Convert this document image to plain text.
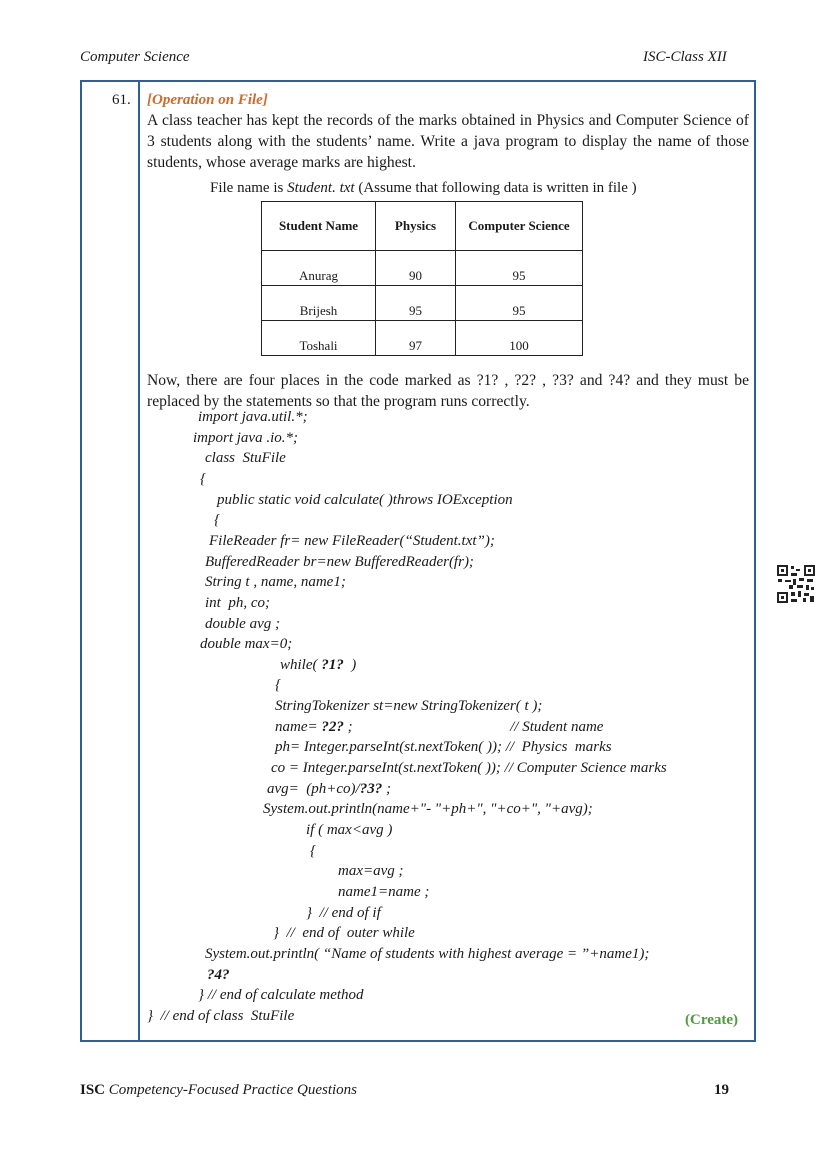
Computer Science	ISC-Class XII
61. [Operation on File]
A class teacher has kept the records of the marks obtained in Physics and Computer Science of 3 students along with the students’ name. Write a java program to display the name of those students, whose average marks are highest.
File name is Student. txt (Assume that following data is written in file )
Student Name	Physics	Computer Science
Anurag	90	95
Brijesh	95	95
Toshali	97	100
Now, there are four places in the code marked as ?1? , ?2? , ?3? and ?4? and they must be replaced by the statements so that the program runs correctly.
import java.util.*;
import java .io.*;
class  StuFile
{
public static void calculate( )throws IOException
{
FileReader fr= new FileReader(“Student.txt”);
BufferedReader br=new BufferedReader(fr);
String t , name, name1;
int  ph, co;
double avg ;
double max=0;
while( ?1?  )
{
StringTokenizer st=new StringTokenizer( t );
name= ?2? ;                                          // Student name
ph= Integer.parseInt(st.nextToken( )); //  Physics  marks
co = Integer.parseInt(st.nextToken( )); // Computer Science marks
avg=  (ph+co)/?3? ;
System.out.println(name+"- "+ph+", "+co+", "+avg);
if ( max<avg )
{
max=avg ;
name1=name ;
}  // end of if
}  //  end of  outer while
System.out.println( “Name of students with highest average = ”+name1);
?4?
} // end of calculate method
}  // end of class  StuFile	(Create)
ISC Competency-Focused Practice Questions	19
